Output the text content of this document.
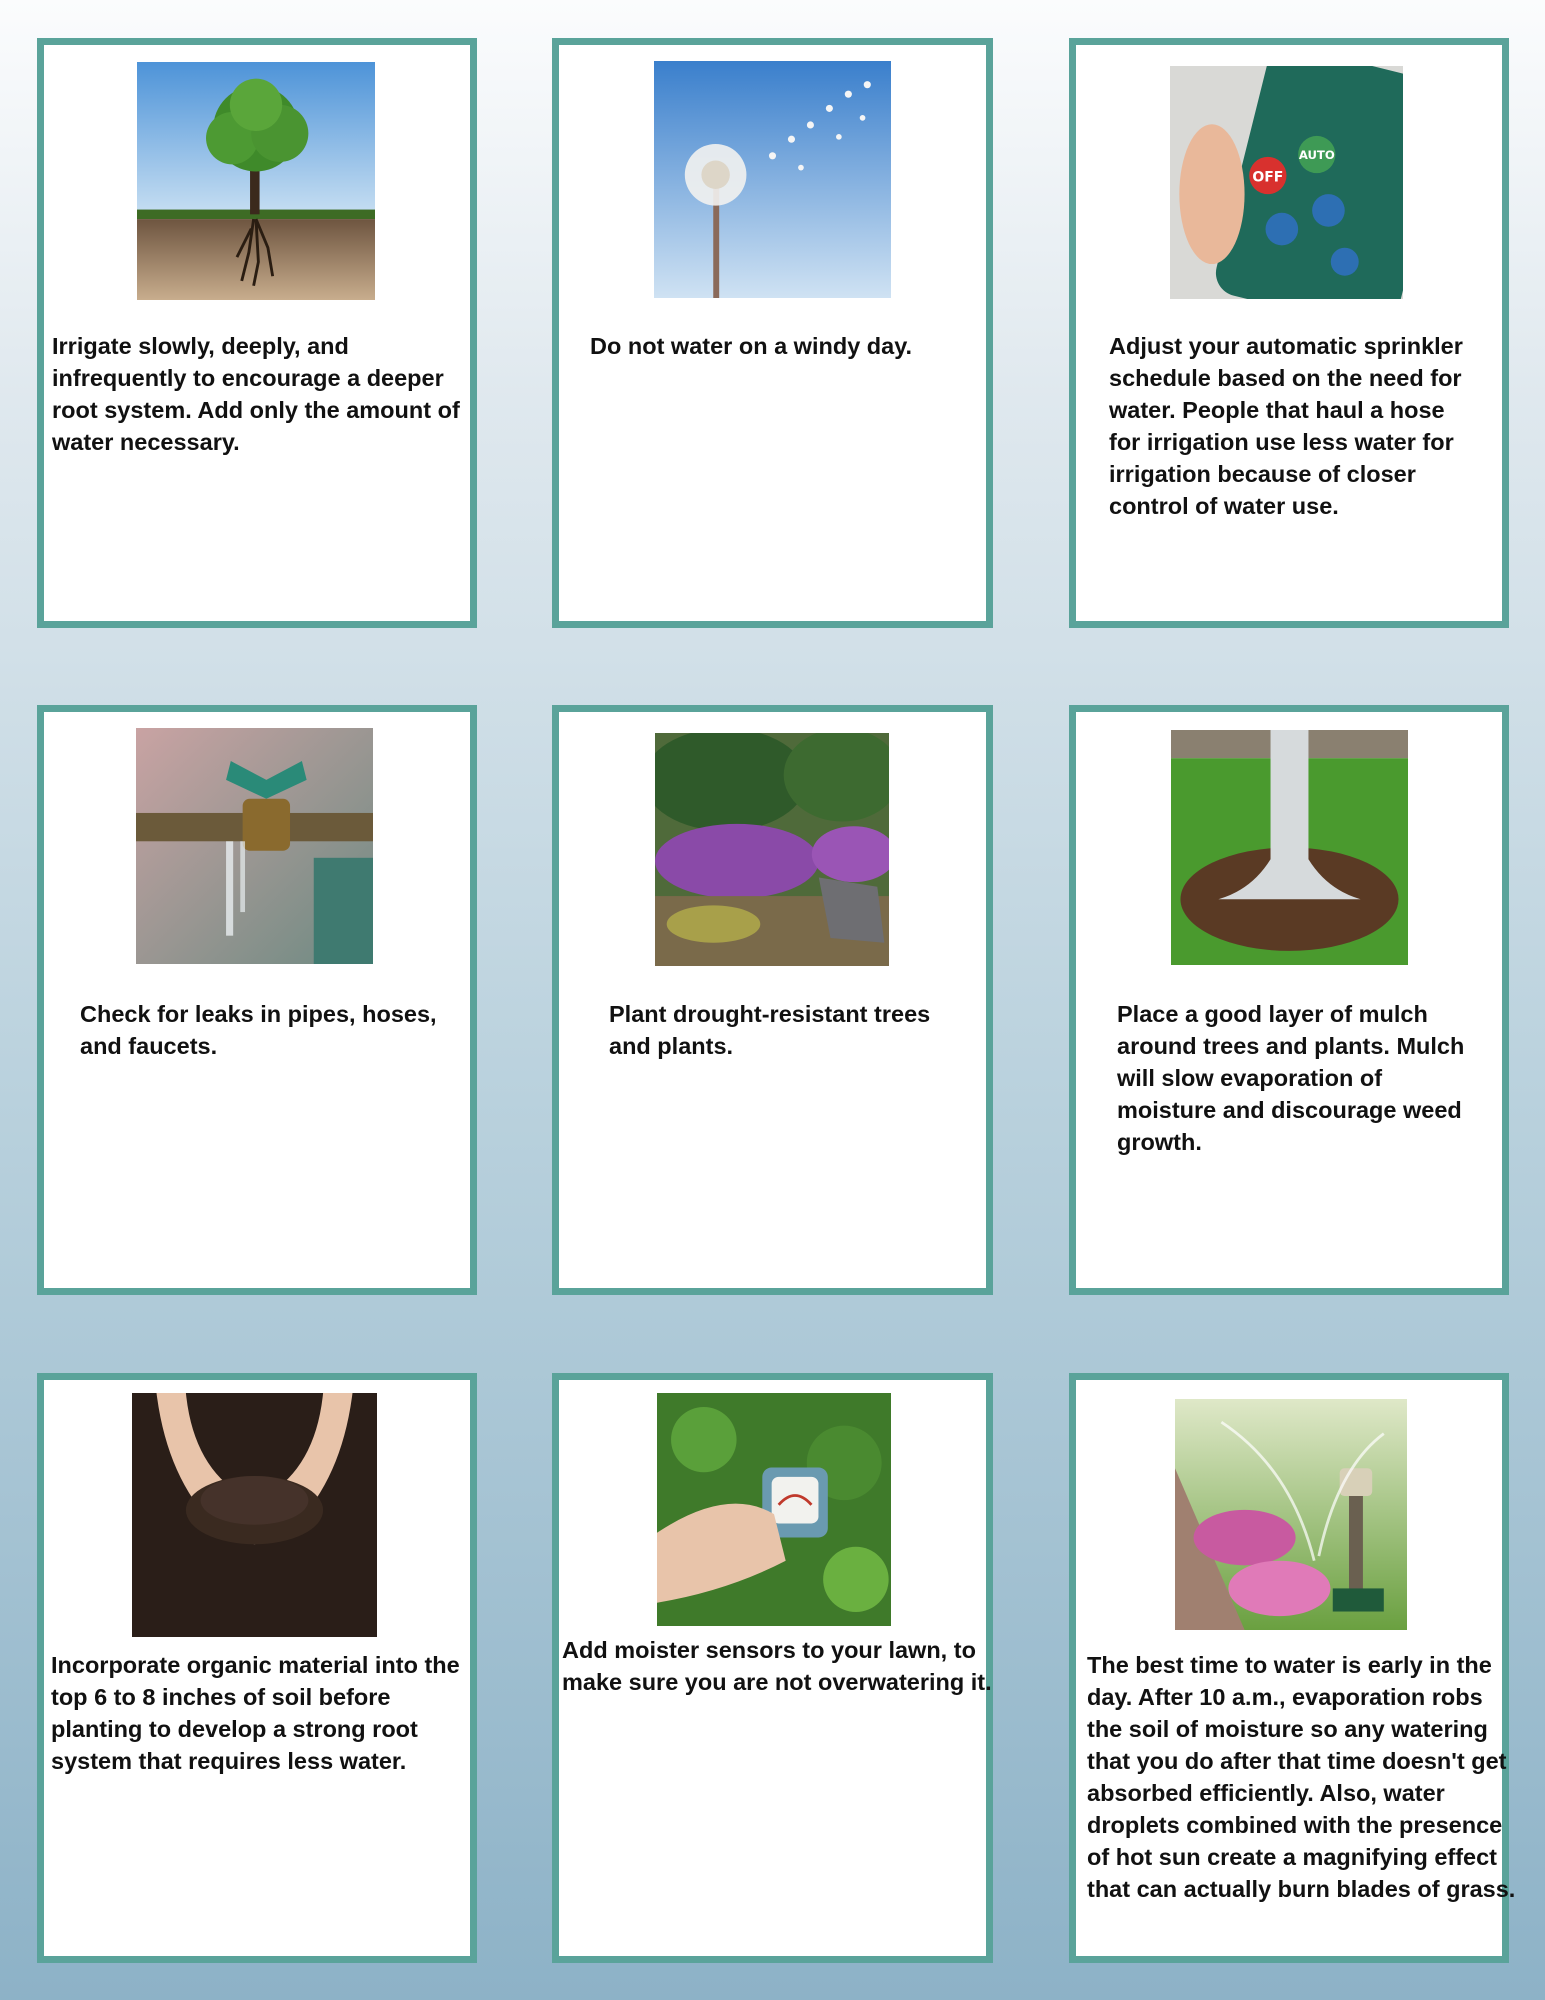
Irrigate slowly, deeply, and
infrequently to encourage a deeper
root system. Add only the amount of
water necessary.

Do not water on a windy day.

OFF
AUTO

Adjust your automatic sprinkler
schedule based on the need for
water. People that haul a hose
for irrigation use less water for
irrigation because of closer
control of water use.

Check for leaks in pipes, hoses,
and faucets.

Plant drought-resistant trees
and plants.

Place a good layer of mulch
around trees and plants. Mulch
will slow evaporation of
moisture and discourage weed
growth.

Incorporate organic material into the
top 6 to 8 inches of soil before
planting to develop a strong root
system that requires less water.

Add moister sensors to your lawn, to
make sure you are not overwatering it.

The best time to water is early in the
day. After 10 a.m., evaporation robs
the soil of moisture so any watering
that you do after that time doesn't get
absorbed efficiently. Also, water
droplets combined with the presence
of hot sun create a magnifying effect
that can actually burn blades of grass.
